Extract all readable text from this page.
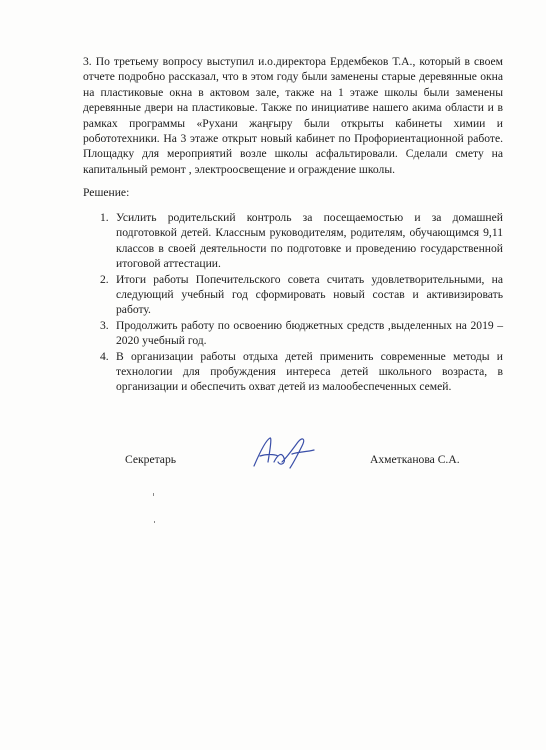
3. По третьему вопросу выступил и.о.директора Ердембеков Т.А., который в своем отчете подробно рассказал, что в этом году были заменены старые деревянные окна на пластиковые окна в актовом зале, также на 1 этаже школы были заменены деревянные двери на пластиковые. Также по инициативе нашего акима области и в рамках программы «Рухани жаңғыру были открыты кабинеты химии и робототехники. На 3 этаже открыт новый кабинет по Профориентационной работе. Площадку для мероприятий возле школы асфальтировали. Сделали смету на капитальный ремонт , электроосвещение и ограждение школы.

Решение:

1. Усилить родительский контроль за посещаемостью и за домашней подготовкой детей. Классным руководителям, родителям, обучающимся 9,11 классов в своей деятельности по подготовке и проведению государственной итоговой аттестации.
2. Итоги работы Попечительского совета считать удовлетворительными, на следующий учебный год сформировать новый состав и активизировать работу.
3. Продолжить работу по освоению бюджетных средств ,выделенных на 2019 – 2020 учебный год.
4. В организации работы отдыха детей применить современные методы и технологии для пробуждения интереса детей школьного возраста, в организации и обеспечить охват детей из малообеспеченных семей.
Секретарь	Ахметканова С.А.
